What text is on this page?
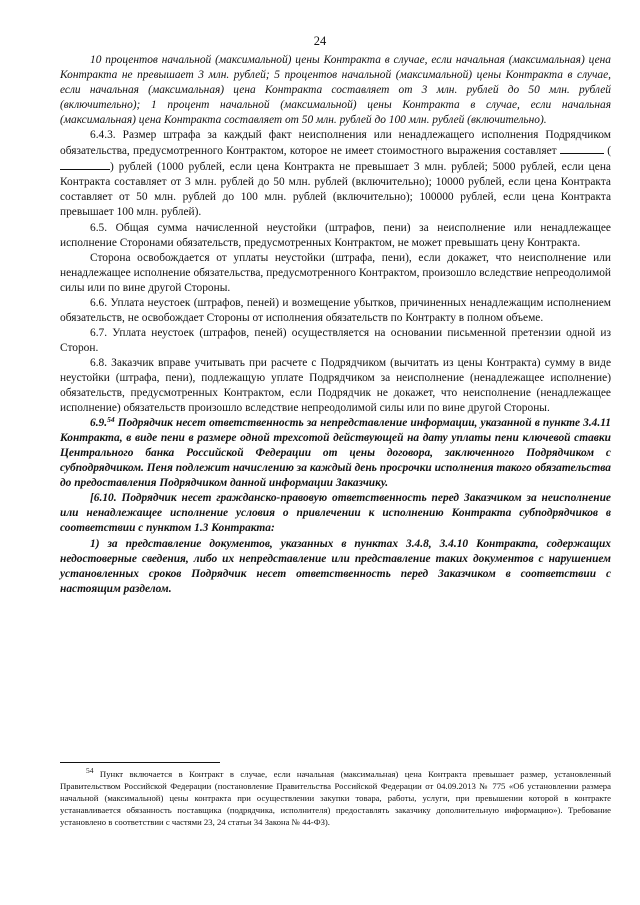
24

10 процентов начальной (максимальной) цены Контракта в случае, если начальная (максимальная) цена Контракта не превышает 3 млн. рублей; 5 процентов начальной (максимальной) цены Контракта в случае, если начальная (максимальная) цена Контракта составляет от 3 млн. рублей до 50 млн. рублей (включительно); 1 процент начальной (максимальной) цены Контракта в случае, если начальная (максимальная) цена Контракта составляет от 50 млн. рублей до 100 млн. рублей (включительно).

6.4.3. Размер штрафа за каждый факт неисполнения или ненадлежащего исполнения Подрядчиком обязательства, предусмотренного Контрактом, которое не имеет стоимостного выражения составляет	() рублей (1000 рублей, если цена Контракта не превышает 3 млн. рублей; 5000 рублей, если цена Контракта составляет от 3 млн. рублей до 50 млн. рублей (включительно); 10000 рублей, если цена Контракта составляет от 50 млн. рублей до 100 млн. рублей (включительно); 100000 рублей, если цена Контракта превышает 100 млн. рублей).

6.5. Общая сумма начисленной неустойки (штрафов, пени) за неисполнение или ненадлежащее исполнение Сторонами обязательств, предусмотренных Контрактом, не может превышать цену Контракта.

Сторона освобождается от уплаты неустойки (штрафа, пени), если докажет, что неисполнение или ненадлежащее исполнение обязательства, предусмотренного Контрактом, произошло вследствие непреодолимой силы или по вине другой Стороны.

6.6. Уплата неустоек (штрафов, пеней) и возмещение убытков, причиненных ненадлежащим исполнением обязательств, не освобождает Стороны от исполнения обязательств по Контракту в полном объеме.

6.7. Уплата неустоек (штрафов, пеней) осуществляется на основании письменной претензии одной из Сторон.

6.8. Заказчик вправе учитывать при расчете с Подрядчиком (вычитать из цены Контракта) сумму в виде неустойки (штрафа, пени), подлежащую уплате Подрядчиком за неисполнение (ненадлежащее исполнение) обязательств, предусмотренных Контрактом, если Подрядчик не докажет, что неисполнение (ненадлежащее исполнение) обязательств произошло вследствие непреодолимой силы или по вине другой Стороны.

6.9.54 Подрядчик несет ответственность за непредставление информации, указанной в пункте 3.4.11 Контракта, в виде пени в размере одной трехсотой действующей на дату уплаты пени ключевой ставки Центрального банка Российской Федерации от цены договора, заключенного Подрядчиком с субподрядчиком. Пеня подлежит начислению за каждый день просрочки исполнения такого обязательства до предоставления Подрядчиком данной информации Заказчику.

[6.10. Подрядчик несет гражданско-правовую ответственность перед Заказчиком за неисполнение или ненадлежащее исполнение условия о привлечении к исполнению Контракта субподрядчиков в соответствии с пунктом 1.3 Контракта:

1) за представление документов, указанных в пунктах 3.4.8, 3.4.10 Контракта, содержащих недостоверные сведения, либо их непредставление или представление таких документов с нарушением установленных сроков Подрядчик несет ответственность перед Заказчиком в соответствии с настоящим разделом.

$^{54}$ Пункт включается в Контракт в случае, если начальная (максимальная) цена Контракта превышает размер, установленный Правительством Российской Федерации (постановление Правительства Российской Федерации от 04.09.2013 № 775 «Об установлении размера начальной (максимальной) цены контракта при осуществлении закупки товара, работы, услуги, при превышении которой в контракте устанавливается обязанность поставщика (подрядчика, исполнителя) предоставлять заказчику дополнительную информацию»). Требование установлено в соответствии с частями 23, 24 статьи 34 Закона № 44-ФЗ).
